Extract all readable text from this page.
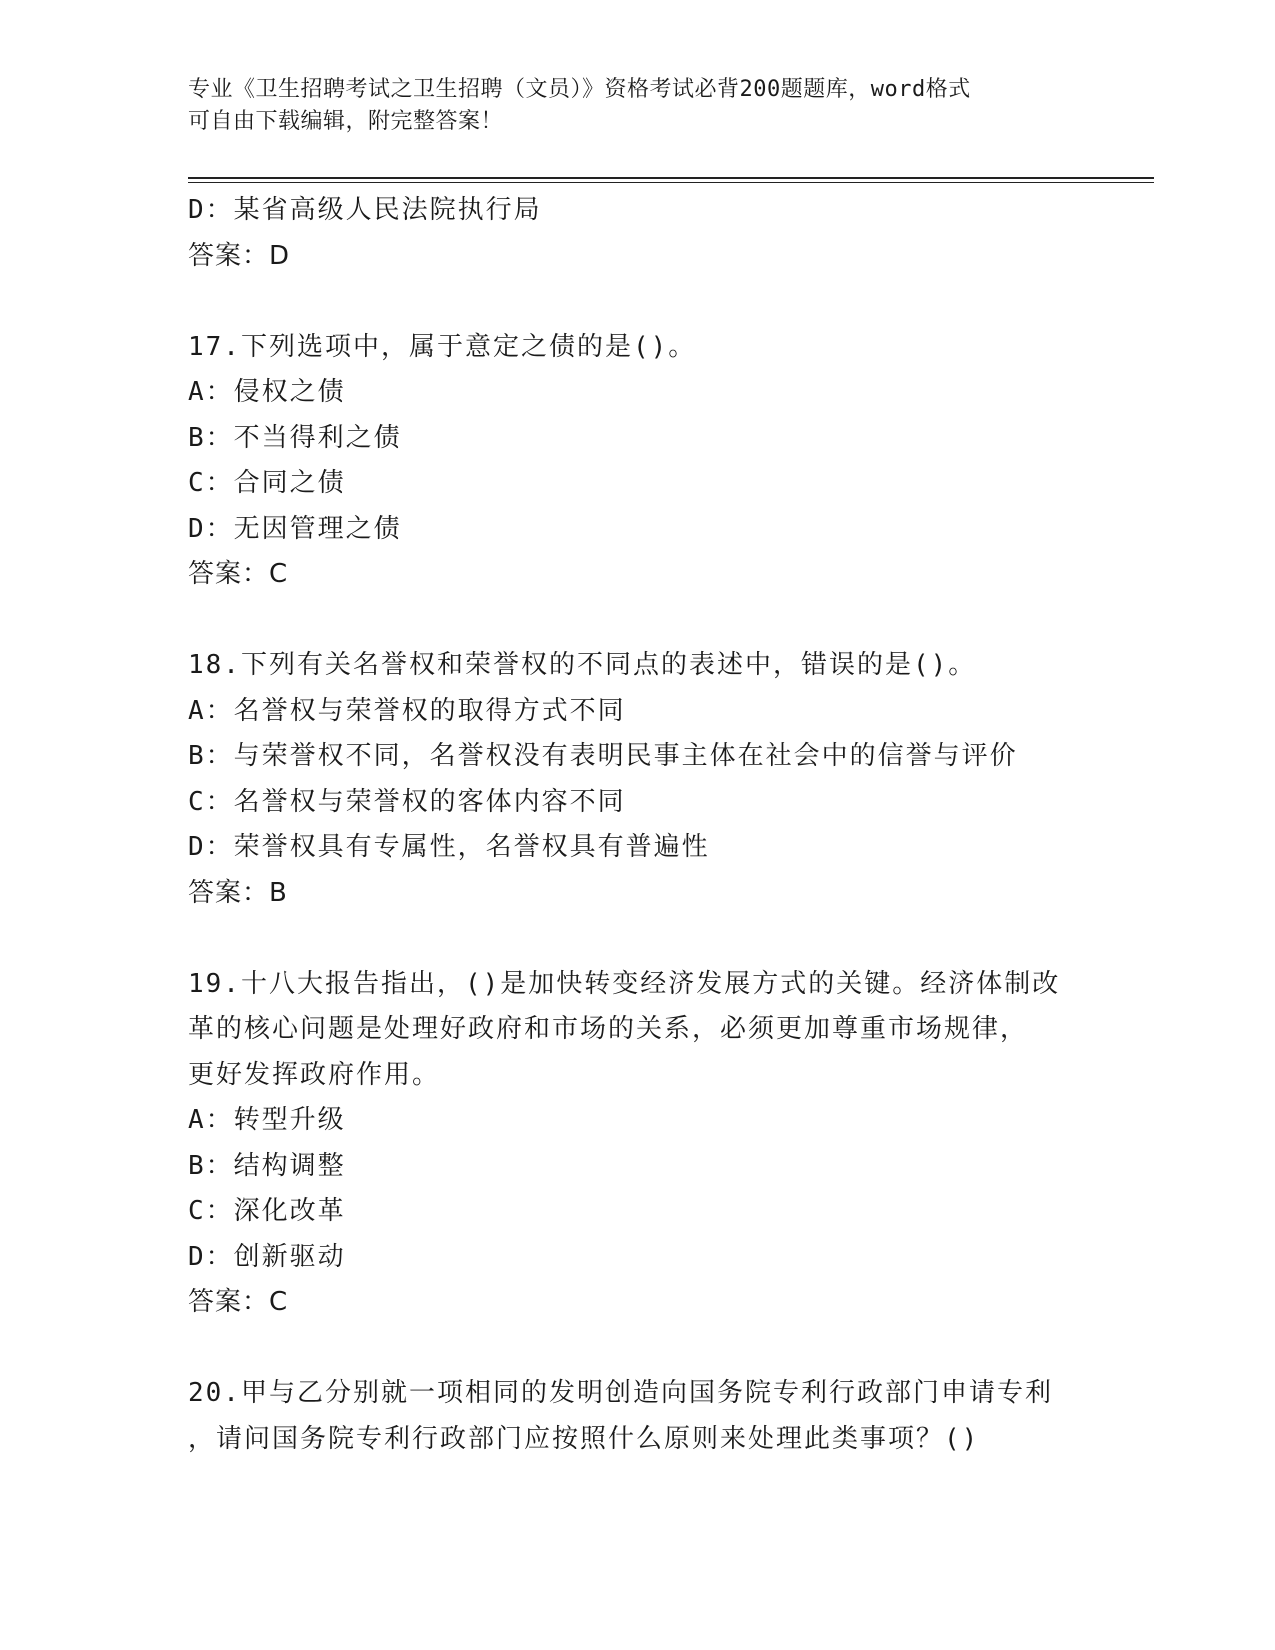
专业《卫生招聘考试之卫生招聘（文员）》资格考试必背200题题库，word格式
可自由下载编辑，附完整答案！
D：某省高级人民法院执行局
答案：D
17.下列选项中，属于意定之债的是()。
A：侵权之债
B：不当得利之债
C：合同之债
D：无因管理之债
答案：C
18.下列有关名誉权和荣誉权的不同点的表述中，错误的是()。
A：名誉权与荣誉权的取得方式不同
B：与荣誉权不同，名誉权没有表明民事主体在社会中的信誉与评价
C：名誉权与荣誉权的客体内容不同
D：荣誉权具有专属性，名誉权具有普遍性
答案：B
19.十八大报告指出，()是加快转变经济发展方式的关键。经济体制改
革的核心问题是处理好政府和市场的关系，必须更加尊重市场规律，
更好发挥政府作用。
A：转型升级
B：结构调整
C：深化改革
D：创新驱动
答案：C
20.甲与乙分别就一项相同的发明创造向国务院专利行政部门申请专利
，请问国务院专利行政部门应按照什么原则来处理此类事项？()
